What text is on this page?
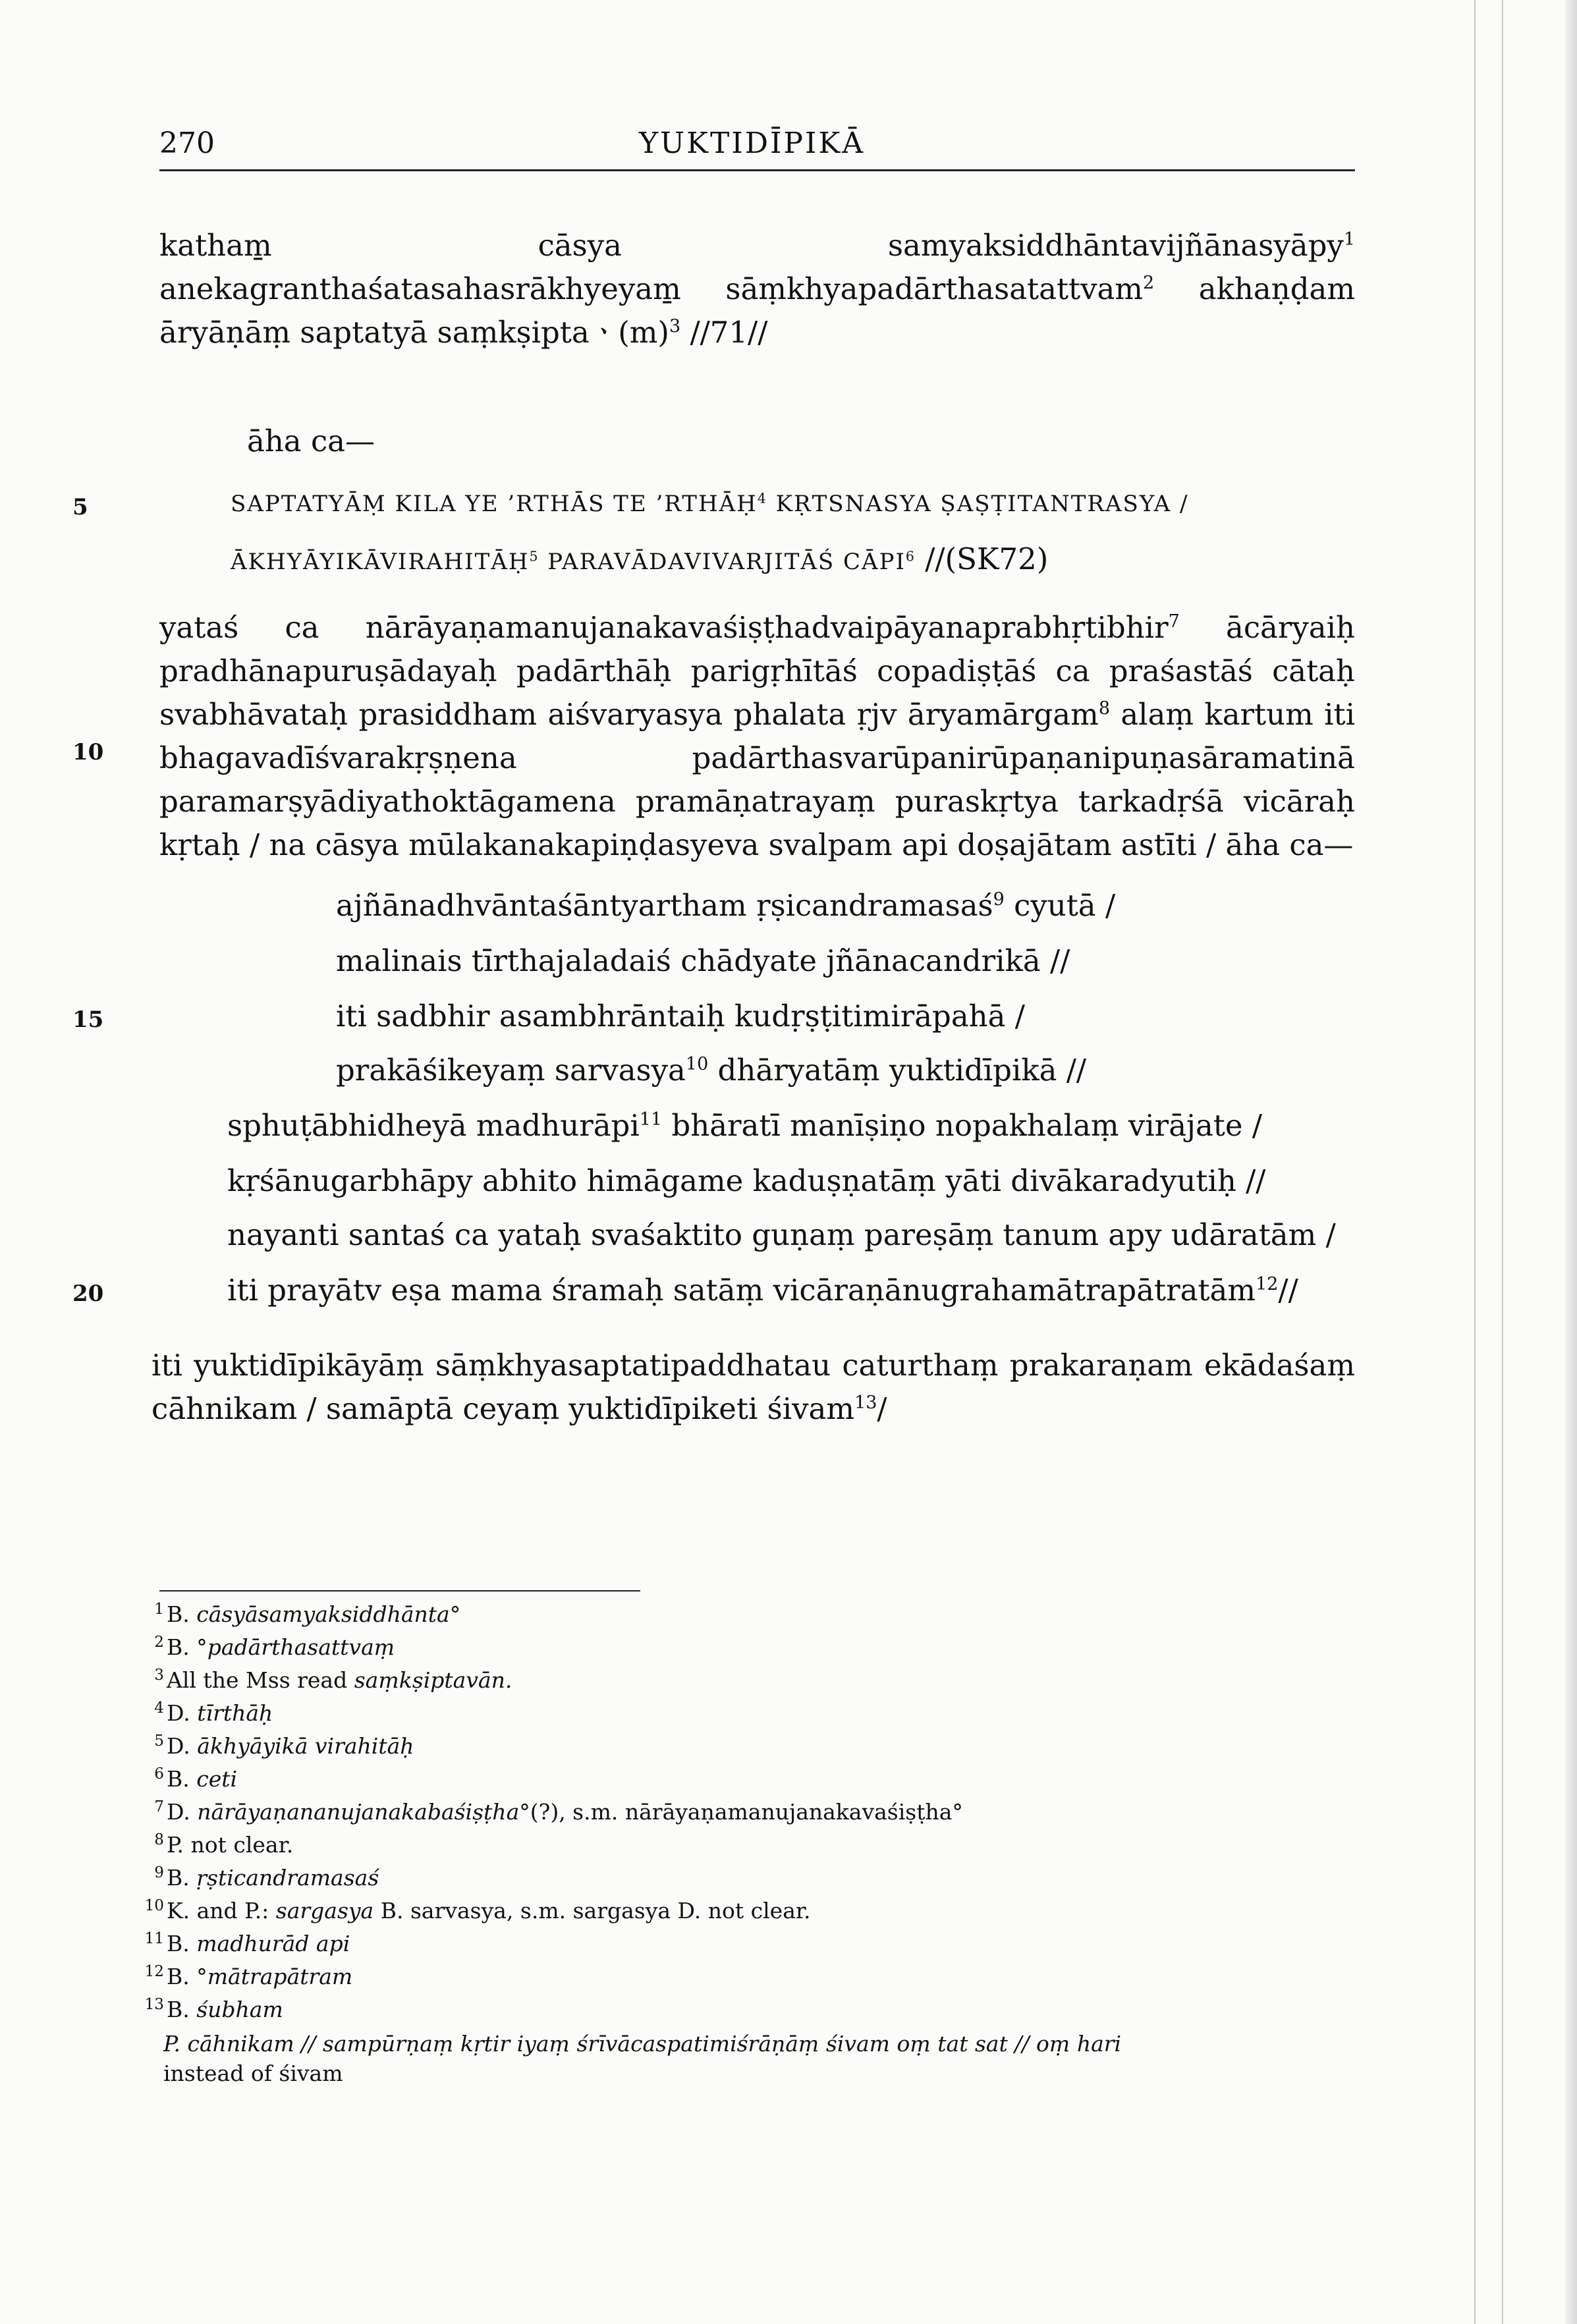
270	YUKTIDĪPIKĀ

katham̱ cāsya samyaksiddhāntavijñānasyāpy$^1$ anekagranthaśatasahasrākhyeyam̱ sāṃkhyapadārthasatattvam$^2$ akhaṇḍam āryāṇāṃ saptatyā saṃkṣiptaㆍ$(m)^3$ //71//

āha ca—
5	SAPTATYĀṂ KILA YE ’RTHĀS TE ’RTHĀḤ$^4$ KṚTSNASYA ṢAṢṬITANTRASYA /
ĀKHYĀYIKĀVIRAHITĀḤ$^5$ PARAVĀDAVIVARJITĀŚ CĀPI$^6$ //(SK72)

yataś ca nārāyaṇamanujanakavaśiṣṭhadvaipāyanaprabhṛtibhir$^7$ ācāryaiḥ pradhānapuruṣādayaḥ padārthāḥ parigṛhītāś copadiṣṭāś ca praśastāś cātaḥ svabhāvataḥ prasiddham aiśvaryasya phalata ṛjv āryamārgam$^8$ alaṃ kartum iti bhagavadīśvarakṛṣṇena padārthasvarūpanirūpaṇanipuṇasāramatinā paramarṣyādiyathoktāgamena pramāṇatrayaṃ puraskṛtya tarkadṛśā vicāraḥ kṛtaḥ / na cāsya mūlakanakapiṇḍasyeva svalpam api doṣajātam astīti / āha ca—

10
ajñānadhvāntaśāntyartham ṛṣicandramasaś$^9$ cyutā /
malinais tīrthajaladaiś chādyate jñānacandrikā //
15	iti sadbhir asambhrāntaiḥ kudṛṣṭitimirāpahā /
prakāśikeyaṃ sarvasya$^{10}$ dhāryatāṃ yuktidīpikā //
sphuṭābhidheyā madhurāpi$^{11}$ bhāratī manīṣiṇo nopakhalaṃ virājate /
kṛśānugarbhāpy abhito himāgame kaduṣṇatāṃ yāti divākaradyutiḥ //
nayanti santaś ca yataḥ svaśaktito guṇaṃ pareṣāṃ tanum apy udāratām /
20	iti prayātv eṣa mama śramaḥ satāṃ vicāraṇānugrahamātrapātratām$^{12}$//

iti yuktidīpikāyāṃ sāṃkhyasaptatipaddhatau caturthaṃ prakaraṇam ekādaśaṃ cāhnikam / samāptā ceyaṃ yuktidīpiketi śivam$^{13}$/

$^1$ B. cāsyāsamyaksiddhānta°
$^2$ B. °padārthasattvaṃ
$^3$ All the Mss read saṃkṣiptavān.
$^4$ D. tīrthāḥ
$^5$ D. ākhyāyikā virahitāḥ
$^6$ B. ceti
$^7$ D. nārāyaṇananujanakabaśiṣṭha°(?), s.m. nārāyaṇamanujanakavaśiṣṭha°
$^8$ P. not clear.
$^9$ B. ṛṣticandramasaś
$^{10}$ K. and P.: sargasya B. sarvasya, s.m. sargasya D. not clear.
$^{11}$ B. madhurād api
$^{12}$ B. °mātrapātram
$^{13}$ B. śubham
P. cāhnikam // sampūrṇaṃ kṛtir iyaṃ śrīvācaspatimiśrāṇāṃ śivam oṃ tat sat // oṃ hari
instead of śivam
